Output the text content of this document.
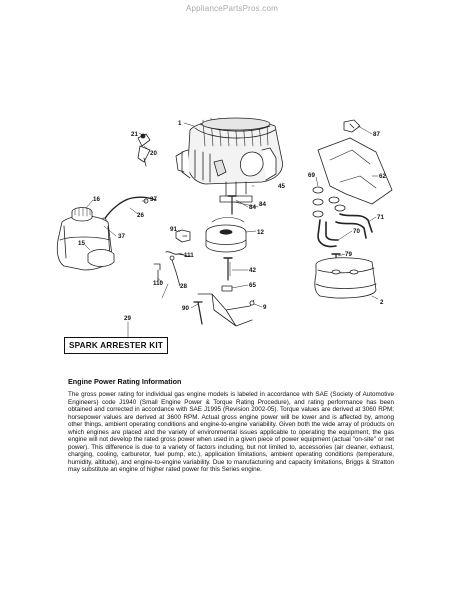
AppliancePartsPros.com
1
2
9
12
15
16
20
21
26
28
29
37
37
42
45
62
65
69
70
71
79
84 84
87
90
91
110
111
SPARK ARRESTER KIT
Engine Power Rating Information
The gross power rating for individual gas engine models is labeled in accordance with SAE (Society of Automotive Engineers) code J1940 (Small Engine Power & Torque Rating Procedure), and rating performance has been obtained and corrected in accordance with SAE J1995 (Revision 2002-05). Torque values are derived at 3060 RPM; horsepower values are derived at 3600 RPM. Actual gross engine power will be lower and is affected by, among other things, ambient operating conditions and engine-to-engine variability. Given both the wide array of products on which engines are placed and the variety of environmental issues applicable to operating the equipment, the gas engine will not develop the rated gross power when used in a given piece of power equipment (actual "on-site" or net power). This difference is due to a variety of factors including, but not limited to, accessories (air cleaner, exhaust, charging, cooling, carburetor, fuel pump, etc.), application limitations, ambient operating conditions (temperature, humidity, altitude), and engine-to-engine variability. Due to manufacturing and capacity limitations, Briggs & Stratton may substitute an engine of higher rated power for this Series engine.
